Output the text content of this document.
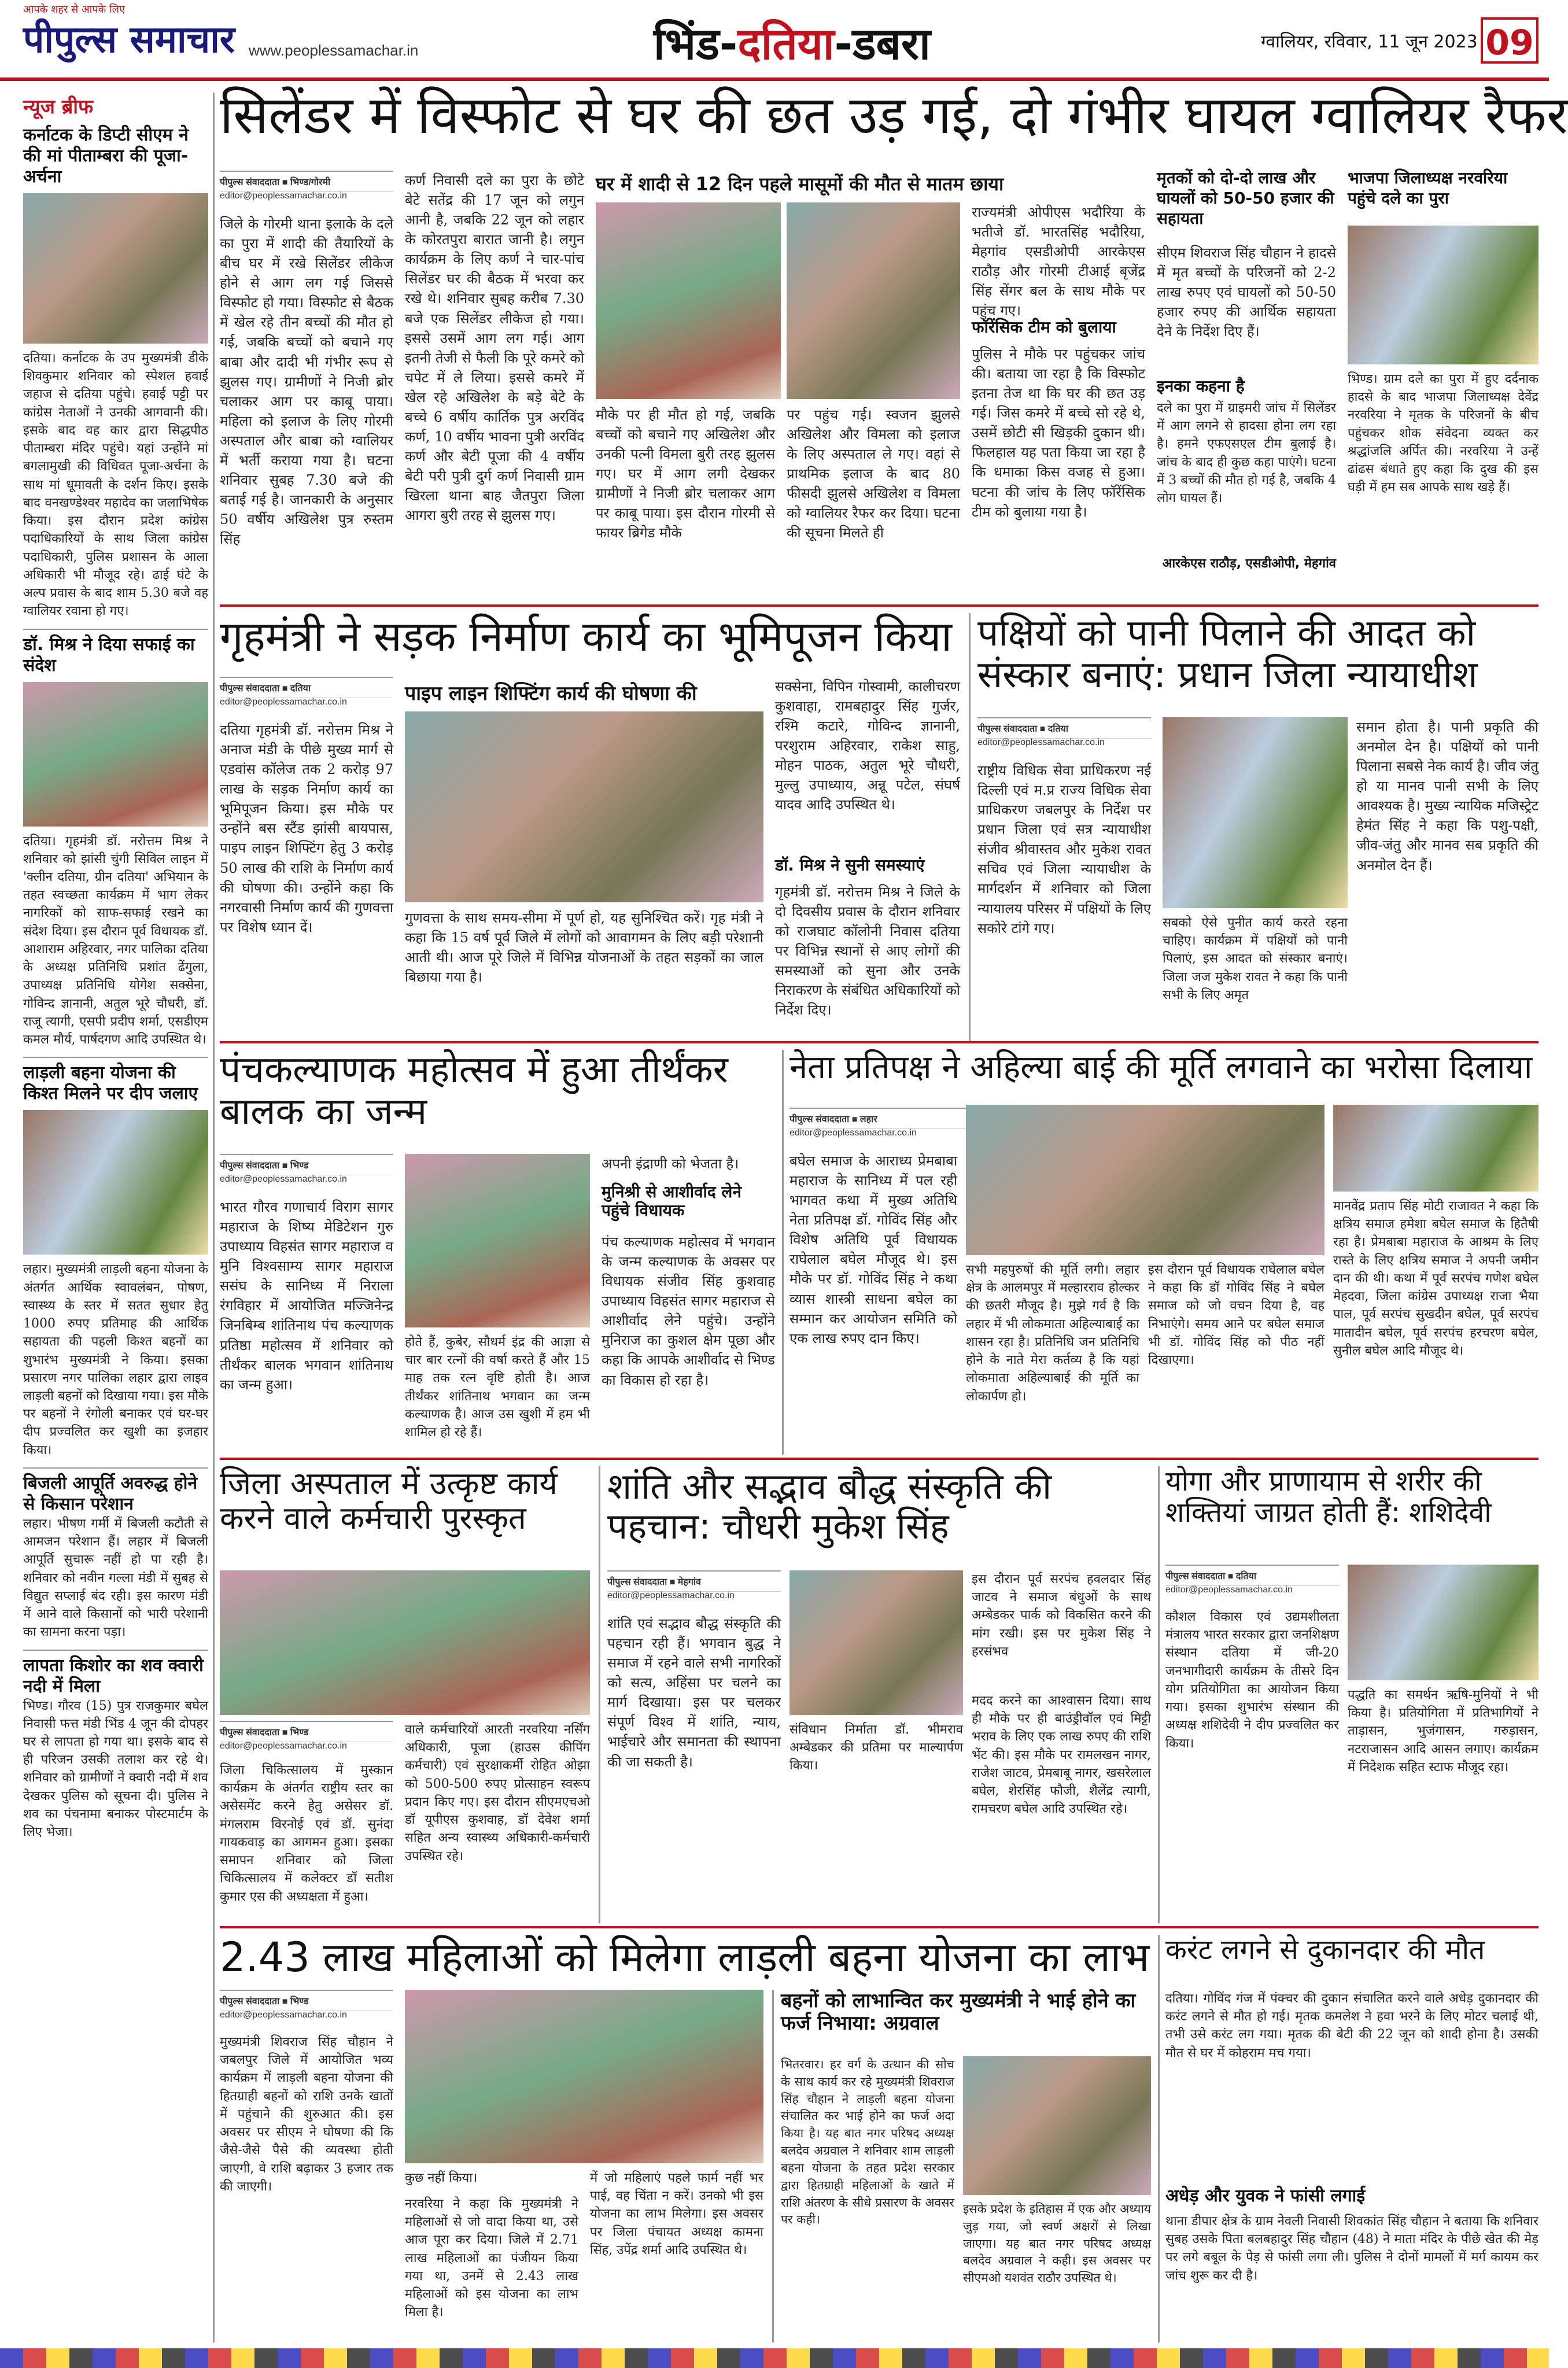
आपके शहर से आपके लिए
पीपुल्स समाचार www.peoplessamachar.in	भिंड-दतिया-डबरा	ग्वालियर, रविवार, 11 जून 2023 09
न्यूज ब्रीफ
कर्नाटक के डिप्टी सीएम ने की मां पीताम्बरा की पूजा-अर्चना
दतिया। कर्नाटक के उप मुख्यमंत्री डीके शिवकुमार शनिवार को स्पेशल हवाई जहाज से दतिया पहुंचे। हवाई पट्टी पर कांग्रेस नेताओं ने उनकी आगवानी की। इसके बाद वह कार द्वारा सिद्धपीठ पीताम्बरा मंदिर पहुंचे। यहां उन्होंने मां बगलामुखी की विधिवत पूजा-अर्चना के साथ मां धूमावती के दर्शन किए। इसके बाद वनखण्डेश्वर महादेव का जलाभिषेक किया। इस दौरान प्रदेश कांग्रेस पदाधिकारियों के साथ जिला कांग्रेस पदाधिकारी, पुलिस प्रशासन के आला अधिकारी भी मौजूद रहे। ढाई घंटे के अल्प प्रवास के बाद शाम 5.30 बजे वह ग्वालियर रवाना हो गए।
डॉ. मिश्र ने दिया सफाई का संदेश
दतिया। गृहमंत्री डॉ. नरोत्तम मिश्र ने शनिवार को झांसी चुंगी सिविल लाइन में 'क्लीन दतिया, ग्रीन दतिया' अभियान के तहत स्वच्छता कार्यक्रम में भाग लेकर नागरिकों को साफ-सफाई रखने का संदेश दिया। इस दौरान पूर्व विधायक डॉ. आशाराम अहिरवार, नगर पालिका दतिया के अध्यक्ष प्रतिनिधि प्रशांत ढेंगुला, उपाध्यक्ष प्रतिनिधि योगेश सक्सेना, गोविन्द ज्ञानानी, अतुल भूरे चौधरी, डॉ. राजू त्यागी, एसपी प्रदीप शर्मा, एसडीएम कमल मौर्य, पार्षदगण आदि उपस्थित थे।
लाड़ली बहना योजना की किश्त मिलने पर दीप जलाए
लहार। मुख्यमंत्री लाड़ली बहना योजना के अंतर्गत आर्थिक स्वावलंबन, पोषण, स्वास्थ्य के स्तर में सतत सुधार हेतु 1000 रुपए प्रतिमाह की आर्थिक सहायता की पहली किश्त बहनों का शुभारंभ मुख्यमंत्री ने किया। इसका प्रसारण नगर पालिका लहार द्वारा लाइव लाड़ली बहनों को दिखाया गया। इस मौके पर बहनों ने रंगोली बनाकर एवं घर-घर दीप प्रज्वलित कर खुशी का इजहार किया।
बिजली आपूर्ति अवरुद्ध होने से किसान परेशान
लहार। भीषण गर्मी में बिजली कटौती से आमजन परेशान हैं। लहार में बिजली आपूर्ति सुचारू नहीं हो पा रही है। शनिवार को नवीन गल्ला मंडी में सुबह से विद्युत सप्लाई बंद रही। इस कारण मंडी में आने वाले किसानों को भारी परेशानी का सामना करना पड़ा।
लापता किशोर का शव क्वारी नदी में मिला
भिण्ड। गौरव (15) पुत्र राजकुमार बघेल निवासी फत्त मंडी भिंड 4 जून की दोपहर घर से लापता हो गया था। इसके बाद से ही परिजन उसकी तलाश कर रहे थे। शनिवार को ग्रामीणों ने क्वारी नदी में शव देखकर पुलिस को सूचना दी। पुलिस ने शव का पंचनामा बनाकर पोस्टमार्टम के लिए भेजा।
सिलेंडर में विस्फोट से घर की छत उड़ गई, दो गंभीर घायल ग्वालियर रैफर
पीपुल्स संवाददाता ■ भिण्ड/गोरमी
editor@peoplessamachar.co.in
जिले के गोरमी थाना इलाके के दले का पुरा में शादी की तैयारियों के बीच घर में रखे सिलेंडर लीकेज होने से आग लग गई जिससे विस्फोट हो गया। विस्फोट से बैठक में खेल रहे तीन बच्चों की मौत हो गई, जबकि बच्चों को बचाने गए बाबा और दादी भी गंभीर रूप से झुलस गए। ग्रामीणों ने निजी ब्रोर चलाकर आग पर काबू पाया। महिला को इलाज के लिए गोरमी अस्पताल और बाबा को ग्वालियर में भर्ती कराया गया है। घटना शनिवार सुबह 7.30 बजे की बताई गई है। जानकारी के अनुसार 50 वर्षीय अखिलेश पुत्र रुस्तम सिंह
कर्ण निवासी दले का पुरा के छोटे बेटे सतेंद्र की 17 जून को लगुन आनी है, जबकि 22 जून को लहार के कोरतपुरा बारात जानी है। लगुन कार्यक्रम के लिए कर्ण ने चार-पांच सिलेंडर घर की बैठक में भरवा कर रखे थे। शनिवार सुबह करीब 7.30 बजे एक सिलेंडर लीकेज हो गया। इससे उसमें आग लग गई। आग इतनी तेजी से फैली कि पूरे कमरे को चपेट में ले लिया। इससे कमरे में खेल रहे अखिलेश के बड़े बेटे के बच्चे 6 वर्षीय कार्तिक पुत्र अरविंद कर्ण, 10 वर्षीय भावना पुत्री अरविंद कर्ण और बेटी पूजा की 4 वर्षीय बेटी परी पुत्री दुर्ग कर्ण निवासी ग्राम खिरला थाना बाह जैतपुरा जिला आगरा बुरी तरह से झुलस गए।
घर में शादी से 12 दिन पहले मासूमों की मौत से मातम छाया
मौके पर ही मौत हो गई, जबकि बच्चों को बचाने गए अखिलेश और उनकी पत्नी विमला बुरी तरह झुलस गए। घर में आग लगी देखकर ग्रामीणों ने निजी ब्रोर चलाकर आग पर काबू पाया। इस दौरान गोरमी से फायर ब्रिगेड मौके
पर पहुंच गई। स्वजन झुलसे अखिलेश और विमला को इलाज के लिए अस्पताल ले गए। वहां से प्राथमिक इलाज के बाद 80 फीसदी झुलसे अखिलेश व विमला को ग्वालियर रैफर कर दिया। घटना की सूचना मिलते ही
राज्यमंत्री ओपीएस भदौरिया के भतीजे डॉ. भारतसिंह भदौरिया, मेहगांव एसडीओपी आरकेएस राठौड़ और गोरमी टीआई बृजेंद्र सिंह सेंगर बल के साथ मौके पर पहुंच गए।
फॉरेंसिक टीम को बुलाया
पुलिस ने मौके पर पहुंचकर जांच की। बताया जा रहा है कि विस्फोट इतना तेज था कि घर की छत उड़ गई। जिस कमरे में बच्चे सो रहे थे, उसमें छोटी सी खिड़की दुकान थी। फिलहाल यह पता किया जा रहा है कि धमाका किस वजह से हुआ। घटना की जांच के लिए फॉरेंसिक टीम को बुलाया गया है।
मृतकों को दो-दो लाख और घायलों को 50-50 हजार की सहायता
सीएम शिवराज सिंह चौहान ने हादसे में मृत बच्चों के परिजनों को 2-2 लाख रुपए एवं घायलों को 50-50 हजार रुपए की आर्थिक सहायता देने के निर्देश दिए हैं।
इनका कहना है
दले का पुरा में ग्राइमरी जांच में सिलेंडर में आग लगने से हादसा होना लग रहा है। हमने एफएसएल टीम बुलाई है। जांच के बाद ही कुछ कहा पाएंगे। घटना में 3 बच्चों की मौत हो गई है, जबकि 4 लोग घायल हैं।
आरकेएस राठौड़, एसडीओपी, मेहगांव
भाजपा जिलाध्यक्ष नरवरिया पहुंचे दले का पुरा
भिण्ड। ग्राम दले का पुरा में हुए दर्दनाक हादसे के बाद भाजपा जिलाध्यक्ष देवेंद्र नरवरिया ने मृतक के परिजनों के बीच पहुंचकर शोक संवेदना व्यक्त कर श्रद्धांजलि अर्पित की। नरवरिया ने उन्हें ढांढस बंधाते हुए कहा कि दुख की इस घड़ी में हम सब आपके साथ खड़े हैं।
गृहमंत्री ने सड़क निर्माण कार्य का भूमिपूजन किया
पीपुल्स संवाददाता ■ दतिया
editor@peoplessamachar.co.in
दतिया गृहमंत्री डॉ. नरोत्तम मिश्र ने अनाज मंडी के पीछे मुख्य मार्ग से एडवांस कॉलेज तक 2 करोड़ 97 लाख के सड़क निर्माण कार्य का भूमिपूजन किया। इस मौके पर उन्होंने बस स्टैंड झांसी बायपास, पाइप लाइन शिफ्टिंग हेतु 3 करोड़ 50 लाख की राशि के निर्माण कार्य की घोषणा की। उन्होंने कहा कि नगरवासी निर्माण कार्य की गुणवत्ता पर विशेष ध्यान दें।
पाइप लाइन शिफ्टिंग कार्य की घोषणा की
गुणवत्ता के साथ समय-सीमा में पूर्ण हो, यह सुनिश्चित करें। गृह मंत्री ने कहा कि 15 वर्ष पूर्व जिले में लोगों को आवागमन के लिए बड़ी परेशानी आती थी। आज पूरे जिले में विभिन्न योजनाओं के तहत सड़कों का जाल बिछाया गया है।
सक्सेना, विपिन गोस्वामी, कालीचरण कुशवाहा, रामबहादुर सिंह गुर्जर, रश्मि कटारे, गोविन्द ज्ञानानी, परशुराम अहिरवार, राकेश साहु, मोहन पाठक, अतुल भूरे चौधरी, मुल्लु उपाध्याय, अन्नू पटेल, संघर्ष यादव आदि उपस्थित थे।
डॉ. मिश्र ने सुनी समस्याएं
गृहमंत्री डॉ. नरोत्तम मिश्र ने जिले के दो दिवसीय प्रवास के दौरान शनिवार को राजघाट कॉलोनी निवास दतिया पर विभिन्न स्थानों से आए लोगों की समस्याओं को सुना और उनके निराकरण के संबंधित अधिकारियों को निर्देश दिए।
पक्षियों को पानी पिलाने की आदत को संस्कार बनाएं: प्रधान जिला न्यायाधीश
पीपुल्स संवाददाता ■ दतिया
editor@peoplessamachar.co.in
राष्ट्रीय विधिक सेवा प्राधिकरण नई दिल्ली एवं म.प्र राज्य विधिक सेवा प्राधिकरण जबलपुर के निर्देश पर प्रधान जिला एवं सत्र न्यायाधीश संजीव श्रीवास्तव और मुकेश रावत सचिव एवं जिला न्यायाधीश के मार्गदर्शन में शनिवार को जिला न्यायालय परिसर में पक्षियों के लिए सकोरे टांगे गए।	सबको ऐसे पुनीत कार्य करते रहना चाहिए। कार्यक्रम में पक्षियों को पानी पिलाएं, इस आदत को संस्कार बनाएं। जिला जज मुकेश रावत ने कहा कि पानी सभी के लिए अमृत
समान होता है। पानी प्रकृति की अनमोल देन है। पक्षियों को पानी पिलाना सबसे नेक कार्य है। जीव जंतु हो या मानव पानी सभी के लिए आवश्यक है। मुख्य न्यायिक मजिस्ट्रेट हेमंत सिंह ने कहा कि पशु-पक्षी, जीव-जंतु और मानव सब प्रकृति की अनमोल देन हैं।
पंचकल्याणक महोत्सव में हुआ तीर्थंकर बालक का जन्म
पीपुल्स संवाददाता ■ भिण्ड
editor@peoplessamachar.co.in
भारत गौरव गणाचार्य विराग सागर महाराज के शिष्य मेडिटेशन गुरु उपाध्याय विहसंत सागर महाराज व मुनि विश्वसाम्य सागर महाराज ससंघ के सानिध्य में निराला रंगविहार में आयोजित मज्जिनेन्द्र जिनबिम्ब शांतिनाथ पंच कल्याणक प्रतिष्ठा महोत्सव में शनिवार को तीर्थंकर बालक भगवान शांतिनाथ का जन्म हुआ।
होते हैं, कुबेर, सौधर्म इंद्र की आज्ञा से चार बार रत्नों की वर्षा करते हैं और 15 माह तक रत्न वृष्टि होती है। आज तीर्थंकर शांतिनाथ भगवान का जन्म कल्याणक है। आज उस खुशी में हम भी शामिल हो रहे हैं।
अपनी इंद्राणी को भेजता है।
मुनिश्री से आशीर्वाद लेने पहुंचे विधायक
पंच कल्याणक महोत्सव में भगवान के जन्म कल्याणक के अवसर पर विधायक संजीव सिंह कुशवाह उपाध्याय विहसंत सागर महाराज से आशीर्वाद लेने पहुंचे। उन्होंने मुनिराज का कुशल क्षेम पूछा और कहा कि आपके आशीर्वाद से भिण्ड का विकास हो रहा है।
नेता प्रतिपक्ष ने अहिल्या बाई की मूर्ति लगवाने का भरोसा दिलाया
पीपुल्स संवाददाता ■ लहार
editor@peoplessamachar.co.in
बघेल समाज के आराध्य प्रेमबाबा महाराज के सानिध्य में पल रही भागवत कथा में मुख्य अतिथि नेता प्रतिपक्ष डॉ. गोविंद सिंह और विशेष अतिथि पूर्व विधायक राघेलाल बघेल मौजूद थे। इस मौके पर डॉ. गोविंद सिंह ने कथा व्यास शास्त्री साधना बघेल का सम्मान कर आयोजन समिति को एक लाख रुपए दान किए।
सभी महपुरुषों की मूर्ति लगी। लहार क्षेत्र के आलमपुर में मल्हारराव होल्कर की छतरी मौजूद है। मुझे गर्व है कि लहार में भी लोकमाता अहिल्याबाई का शासन रहा है। प्रतिनिधि जन प्रतिनिधि होने के नाते मेरा कर्तव्य है कि यहां लोकमाता अहिल्याबाई की मूर्ति का लोकार्पण हो।
इस दौरान पूर्व विधायक राघेलाल बघेल ने कहा कि डॉ गोविंद सिंह ने बघेल समाज को जो वचन दिया है, वह निभाएंगे। समय आने पर बघेल समाज भी डॉ. गोविंद सिंह को पीठ नहीं दिखाएगा।
मानवेंद्र प्रताप सिंह मोटी राजावत ने कहा कि क्षत्रिय समाज हमेशा बघेल समाज के हितैषी रहा है। प्रेमबाबा महाराज के आश्रम के लिए रास्ते के लिए क्षत्रिय समाज ने अपनी जमीन दान की थी। कथा में पूर्व सरपंच गणेश बघेल मेहदवा, जिला कांग्रेस उपाध्यक्ष राजा भैया पाल, पूर्व सरपंच सुखदीन बघेल, पूर्व सरपंच मातादीन बघेल, पूर्व सरपंच हरचरण बघेल, सुनील बघेल आदि मौजूद थे।
जिला अस्पताल में उत्कृष्ट कार्य करने वाले कर्मचारी पुरस्कृत
पीपुल्स संवाददाता ■ भिण्ड
editor@peoplessamachar.co.in
जिला चिकित्सालय में मुस्कान कार्यक्रम के अंतर्गत राष्ट्रीय स्तर का असेसमेंट करने हेतु असेसर डॉ. मंगलराम विरनोई एवं डॉ. सुनंदा गायकवाड़ का आगमन हुआ। इसका समापन शनिवार को जिला चिकित्सालय में कलेक्टर डॉ सतीश कुमार एस की अध्यक्षता में हुआ।
वाले कर्मचारियों आरती नरवरिया नर्सिंग अधिकारी, पूजा (हाउस कीपिंग कर्मचारी) एवं सुरक्षाकर्मी रोहित ओझा को 500-500 रुपए प्रोत्साहन स्वरूप प्रदान किए गए। इस दौरान सीएमएचओ डॉ यूपीएस कुशवाह, डॉ देवेश शर्मा सहित अन्य स्वास्थ्य अधिकारी-कर्मचारी उपस्थित रहे।
शांति और सद्भाव बौद्ध संस्कृति की पहचान: चौधरी मुकेश सिंह
पीपुल्स संवाददाता ■ मेहगांव
editor@peoplessamachar.co.in
शांति एवं सद्भाव बौद्ध संस्कृति की पहचान रही हैं। भगवान बुद्ध ने समाज में रहने वाले सभी नागरिकों को सत्य, अहिंसा पर चलने का मार्ग दिखाया। इस पर चलकर संपूर्ण विश्व में शांति, न्याय, भाईचारे और समानता की स्थापना की जा सकती है।
संविधान निर्माता डॉ. भीमराव अम्बेडकर की प्रतिमा पर माल्यार्पण किया।
इस दौरान पूर्व सरपंच हवलदार सिंह जाटव ने समाज बंधुओं के साथ अम्बेडकर पार्क को विकसित करने की मांग रखी। इस पर मुकेश सिंह ने हरसंभव
मदद करने का आश्वासन दिया। साथ ही मौके पर ही बाउंड्रीवॉल एवं मिट्टी भराव के लिए एक लाख रुपए की राशि भेंट की। इस मौके पर रामलखन नागर, राजेश जाटव, प्रेमबाबू नागर, खसरेलाल बघेल, शेरसिंह फौजी, शैलेंद्र त्यागी, रामचरण बघेल आदि उपस्थित रहे।
योगा और प्राणायाम से शरीर की शक्तियां जाग्रत होती हैं: शशिदेवी
पीपुल्स संवाददाता ■ दतिया
editor@peoplessamachar.co.in
कौशल विकास एवं उद्यमशीलता मंत्रालय भारत सरकार द्वारा जनशिक्षण संस्थान दतिया में जी-20 जनभागीदारी कार्यक्रम के तीसरे दिन योग प्रतियोगिता का आयोजन किया गया। इसका शुभारंभ संस्थान की अध्यक्ष शशिदेवी ने दीप प्रज्वलित कर किया।
पद्धति का समर्थन ऋषि-मुनियों ने भी किया है। प्रतियोगिता में प्रतिभागियों ने ताड़ासन, भुजंगासन, गरुड़ासन, नटराजासन आदि आसन लगाए। कार्यक्रम में निदेशक सहित स्टाफ मौजूद रहा।
2.43 लाख महिलाओं को मिलेगा लाड़ली बहना योजना का लाभ
पीपुल्स संवाददाता ■ भिण्ड
editor@peoplessamachar.co.in
मुख्यमंत्री शिवराज सिंह चौहान ने जबलपुर जिले में आयोजित भव्य कार्यक्रम में लाड़ली बहना योजना की हितग्राही बहनों को राशि उनके खातों में पहुंचाने की शुरुआत की। इस अवसर पर सीएम ने घोषणा की कि जैसे-जैसे पैसे की व्यवस्था होती जाएगी, वे राशि बढ़ाकर 3 हजार तक की जाएगी।
कुछ नहीं किया।
नरवरिया ने कहा कि मुख्यमंत्री ने महिलाओं से जो वादा किया था, उसे आज पूरा कर दिया। जिले में 2.71 लाख महिलाओं का पंजीयन किया गया था, उनमें से 2.43 लाख महिलाओं को इस योजना का लाभ मिला है।
में जो महिलाएं पहले फार्म नहीं भर पाई, वह चिंता न करें। उनको भी इस योजना का लाभ मिलेगा। इस अवसर पर जिला पंचायत अध्यक्ष कामना सिंह, उपेंद्र शर्मा आदि उपस्थित थे।
बहनों को लाभान्वित कर मुख्यमंत्री ने भाई होने का फर्ज निभाया: अग्रवाल
भितरवार। हर वर्ग के उत्थान की सोच के साथ कार्य कर रहे मुख्यमंत्री शिवराज सिंह चौहान ने लाड़ली बहना योजना संचालित कर भाई होने का फर्ज अदा किया है। यह बात नगर परिषद अध्यक्ष बलदेव अग्रवाल ने शनिवार शाम लाड़ली बहना योजना के तहत प्रदेश सरकार द्वारा हितग्राही महिलाओं के खाते में राशि अंतरण के सीधे प्रसारण के अवसर पर कही।
इसके प्रदेश के इतिहास में एक और अध्याय जुड़ गया, जो स्वर्ण अक्षरों से लिखा जाएगा। यह बात नगर परिषद अध्यक्ष बलदेव अग्रवाल ने कही। इस अवसर पर सीएमओ यशवंत राठौर उपस्थित थे।
करंट लगने से दुकानदार की मौत
दतिया। गोविंद गंज में पंक्चर की दुकान संचालित करने वाले अधेड़ दुकानदार की करंट लगने से मौत हो गई। मृतक कमलेश ने हवा भरने के लिए मोटर चलाई थी, तभी उसे करंट लग गया। मृतक की बेटी की 22 जून को शादी होना है। उसकी मौत से घर में कोहराम मच गया।
अधेड़ और युवक ने फांसी लगाई
थाना डीपार क्षेत्र के ग्राम नेवली निवासी शिवकांत सिंह चौहान ने बताया कि शनिवार सुबह उसके पिता बलबहादुर सिंह चौहान (48) ने माता मंदिर के पीछे खेत की मेड़ पर लगे बबूल के पेड़ से फांसी लगा ली। पुलिस ने दोनों मामलों में मर्ग कायम कर जांच शुरू कर दी है।
